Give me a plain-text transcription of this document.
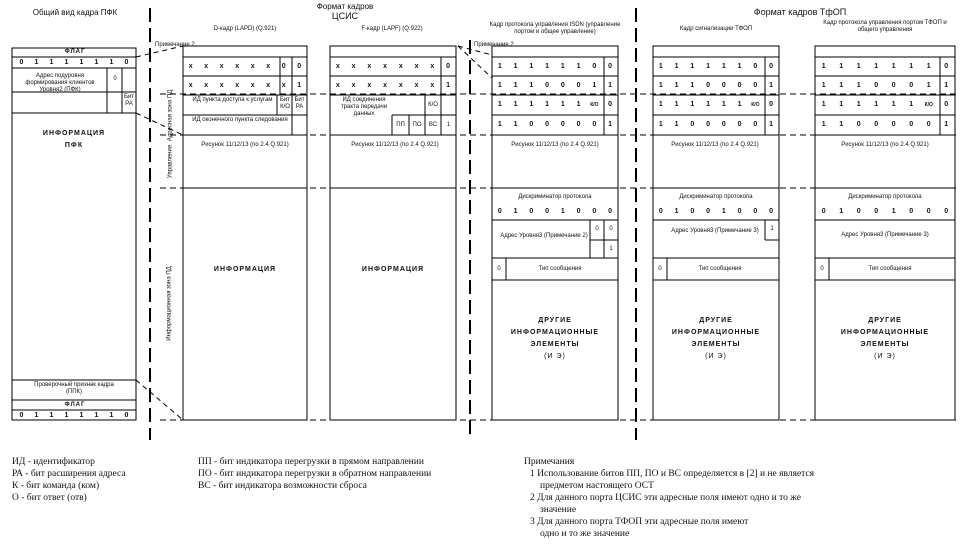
Общий вид кадра ПФК
Формат кадров
ЦСИС	Формат кадров ТфОП
Примечание 2	Примечание 2
D-кадр (LAPD) (Q.921)	F-кадр (LAPF) (Q.922)
Кадр протокола управления ISDN (управление портом и общее управление)	Кадр сигнализации ТФОП
Кадр протокола управления портом ТФОП и общего управления
Адресная зона ПД
Управление
Информационная зона ПД
ФЛАГ
0	1	1	1	1	1	1	0
Адрес подуровня формирования клиентов Уровня2 (ПФК)
0
Бит РА
ИНФОРМАЦИЯ
ПФК
Проверочный признак кадра (ППК)
ФЛАГ
0	1	1	1	1	1	1	0
x	x	x	x	x	x	0	0
x	x	x	x	x	x	x	1
ИД пункта доступа к услугам	Бит К/О
Бит РА
ИД оконечного пункта следования
Рисунок 11/12/13 (по 2.4 Q.921)
ИНФОРМАЦИЯ
x	x	x	x	x	x	x	0
x	x	x	x	x	x	x	1
ИД соединения тракта передачи данных
К/О
ПП	ПО	ВС	1
Рисунок 11/12/13 (по 2.4 Q.921)
ИНФОРМАЦИЯ
1	1	1	1	1	1	0	0
1	1	1	0	0	0	1	1
1	1	1	1	1	1	К/О	0
1	1	0	0	0	0	0	1
Рисунок 11/12/13 (по 2.4 Q.921)
Дискриминатор протокола
0	1	0	0	1	0	0	0
Адрес Уровня3 (Примечание 2)
0	0
1
0	Тип сообщения
ДРУГИЕ
ИНФОРМАЦИОННЫЕ
ЭЛЕМЕНТЫ
(И Э)
1	1	1	1	1	1	0	0
1	1	1	0	0	0	0	1
1	1	1	1	1	1	К/О	0
1	1	0	0	0	0	0	1
Рисунок 11/12/13 (по 2.4 Q.921)
Дискриминатор протокола
0	1	0	0	1	0	0	0
Адрес Уровня3 (Примечание 3)	1
0	Тип сообщения
ДРУГИЕ
ИНФОРМАЦИОННЫЕ
ЭЛЕМЕНТЫ
(И Э)
1	1	1	1	1	1	1	0
1	1	1	0	0	0	1	1
1	1	1	1	1	1	К/О	0
1	1	0	0	0	0	0	1
Рисунок 11/12/13 (по 2.4 Q.921)
Дискриминатор протокола
0	1	0	0	1	0	0	0
Адрес Уровня3 (Примечание 3)
0	Тип сообщения
ДРУГИЕ
ИНФОРМАЦИОННЫЕ
ЭЛЕМЕНТЫ
(И Э)
ИД - идентификатор
РА - бит расширения адреса
К - бит команда (ком)
О - бит ответ (отв)
ПП - бит индикатора перегрузки в прямом направлении
ПО - бит индикатора перегрузки в обратном направлении
ВС - бит индикатора возможности сброса
Примечания
1 Использование битов ПП, ПО и ВС определяется в [2] и не является
предметом настоящего ОСТ
2 Для данного порта ЦСИС эти адресные поля имеют одно и то же
значение
3 Для данного порта ТФОП эти адресные поля имеют
одно и то же значение
